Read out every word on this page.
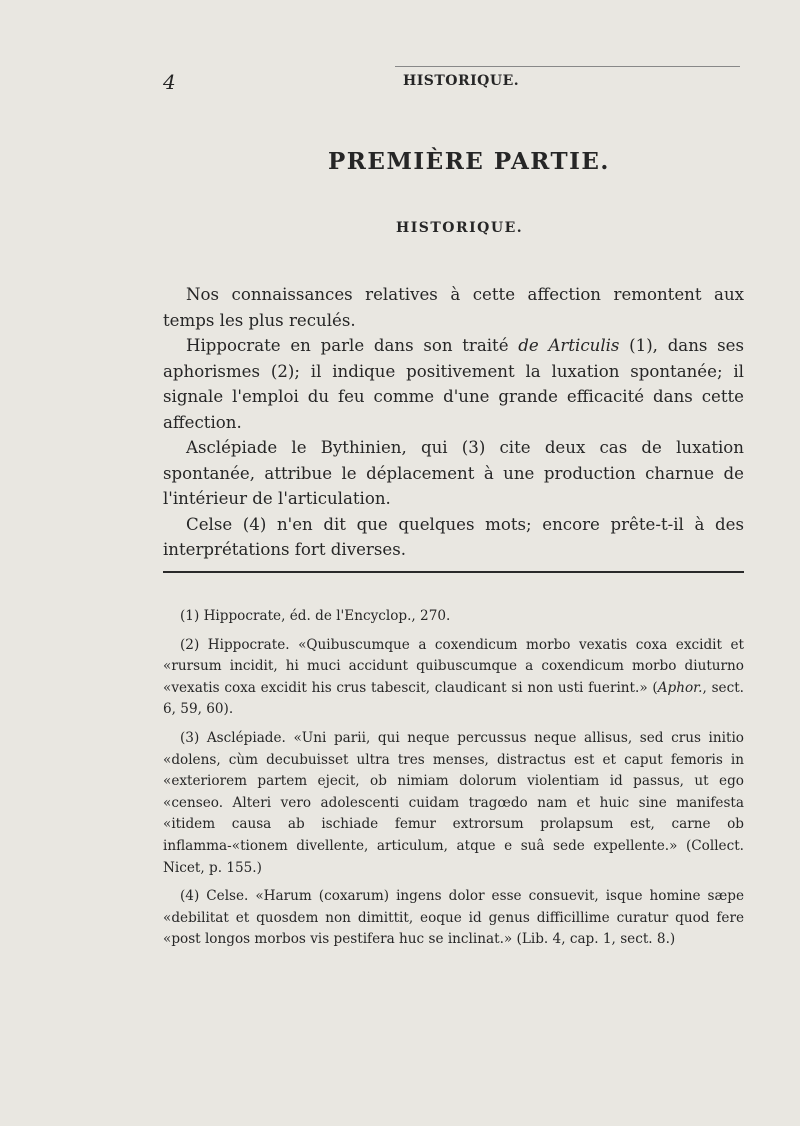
4	HISTORIQUE.
PREMIÈRE PARTIE.
HISTORIQUE.

Nos connaissances relatives à cette affection remontent aux temps les plus reculés.

Hippocrate en parle dans son traité de Articulis (1), dans ses aphorismes (2); il indique positivement la luxation spontanée; il signale l'emploi du feu comme d'une grande efficacité dans cette affection.

Asclépiade le Bythinien, qui (3) cite deux cas de luxation spontanée, attribue le déplacement à une production charnue de l'intérieur de l'articulation.

Celse (4) n'en dit que quelques mots; encore prête-t-il à des interprétations fort diverses.

(1) Hippocrate, éd. de l'Encyclop., 270.

(2) Hippocrate. «Quibuscumque a coxendicum morbo vexatis coxa excidit et «rursum incidit, hi muci accidunt quibuscumque a coxendicum morbo diuturno «vexatis coxa excidit his crus tabescit, claudicant si non usti fuerint.» (Aphor., sect. 6, 59, 60).

(3) Asclépiade. «Uni parii, qui neque percussus neque allisus, sed crus initio «dolens, cùm decubuisset ultra tres menses, distractus est et caput femoris in «exteriorem partem ejecit, ob nimiam dolorum violentiam id passus, ut ego «censeo. Alteri vero adolescenti cuidam tragœdo nam et huic sine manifesta «itidem causa ab ischiade femur extrorsum prolapsum est, carne ob inflamma-«tionem divellente, articulum, atque e suâ sede expellente.» (Collect. Nicet, p. 155.)

(4) Celse. «Harum (coxarum) ingens dolor esse consuevit, isque homine sæpe «debilitat et quosdem non dimittit, eoque id genus difficillime curatur quod fere «post longos morbos vis pestifera huc se inclinat.» (Lib. 4, cap. 1, sect. 8.)
